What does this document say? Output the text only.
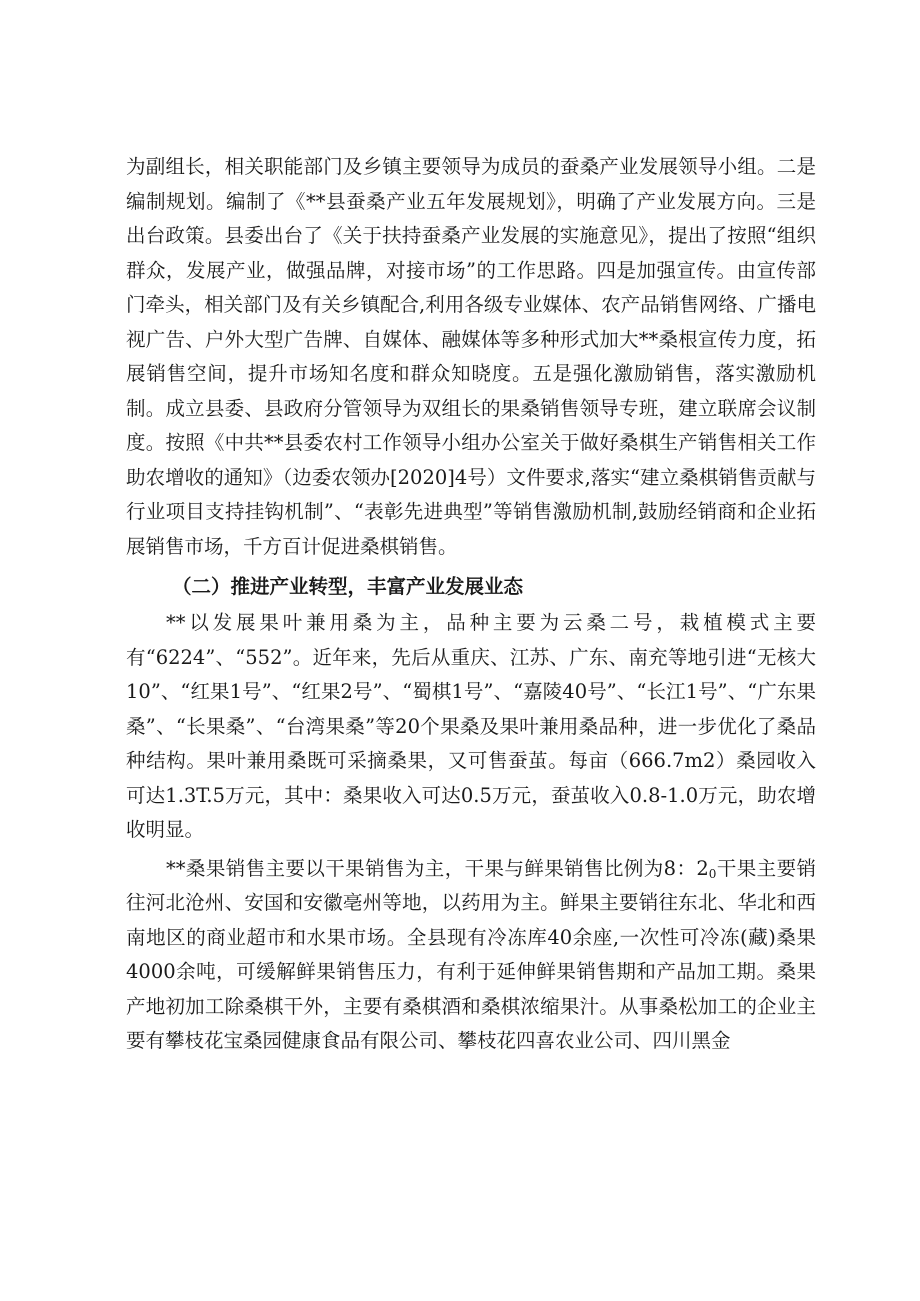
为副组长，相关职能部门及乡镇主要领导为成员的蚕桑产业发展领导小组。二是编制规划。编制了《**县蚕桑产业五年发展规划》，明确了产业发展方向。三是出台政策。县委出台了《关于扶持蚕桑产业发展的实施意见》，提出了按照“组织群众，发展产业，做强品牌，对接市场”的工作思路。四是加强宣传。由宣传部门牵头，相关部门及有关乡镇配合,利用各级专业媒体、农产品销售网络、广播电视广告、户外大型广告牌、自媒体、融媒体等多种形式加大**桑根宣传力度，拓展销售空间，提升市场知名度和群众知晓度。五是强化激励销售，落实激励机制。成立县委、县政府分管领导为双组长的果桑销售领导专班，建立联席会议制度。按照《中共**县委农村工作领导小组办公室关于做好桑棋生产销售相关工作助农增收的通知》（边委农领办[2020]4号）文件要求,落实“建立桑棋销售贡献与行业项目支持挂钩机制”、“表彰先进典型”等销售激励机制,鼓励经销商和企业拓展销售市场，千方百计促进桑棋销售。

（二）推进产业转型，丰富产业发展业态

**以发展果叶兼用桑为主，品种主要为云桑二号，栽植模式主要有“6224”、“552”。近年来，先后从重庆、江苏、广东、南充等地引进“无核大10”、“红果1号”、“红果2号”、“蜀棋1号”、“嘉陵40号”、“长江1号”、“广东果桑”、“长果桑”、“台湾果桑”等20个果桑及果叶兼用桑品种，进一步优化了桑品种结构。果叶兼用桑既可采摘桑果，又可售蚕茧。每亩（666.7m2）桑园收入可达1.3T.5万元，其中：桑果收入可达0.5万元，蚕茧收入0.8-1.0万元，助农增收明显。

**桑果销售主要以干果销售为主，干果与鲜果销售比例为8：$2_0$干果主要销往河北沧州、安国和安徽亳州等地，以药用为主。鲜果主要销往东北、华北和西南地区的商业超市和水果市场。全县现有冷冻库40余座,一次性可冷冻(藏)桑果4000余吨，可缓解鲜果销售压力，有利于延伸鲜果销售期和产品加工期。桑果产地初加工除桑棋干外，主要有桑棋酒和桑棋浓缩果汁。从事桑松加工的企业主要有攀枝花宝桑园健康食品有限公司、攀枝花四喜农业公司、四川黑金
